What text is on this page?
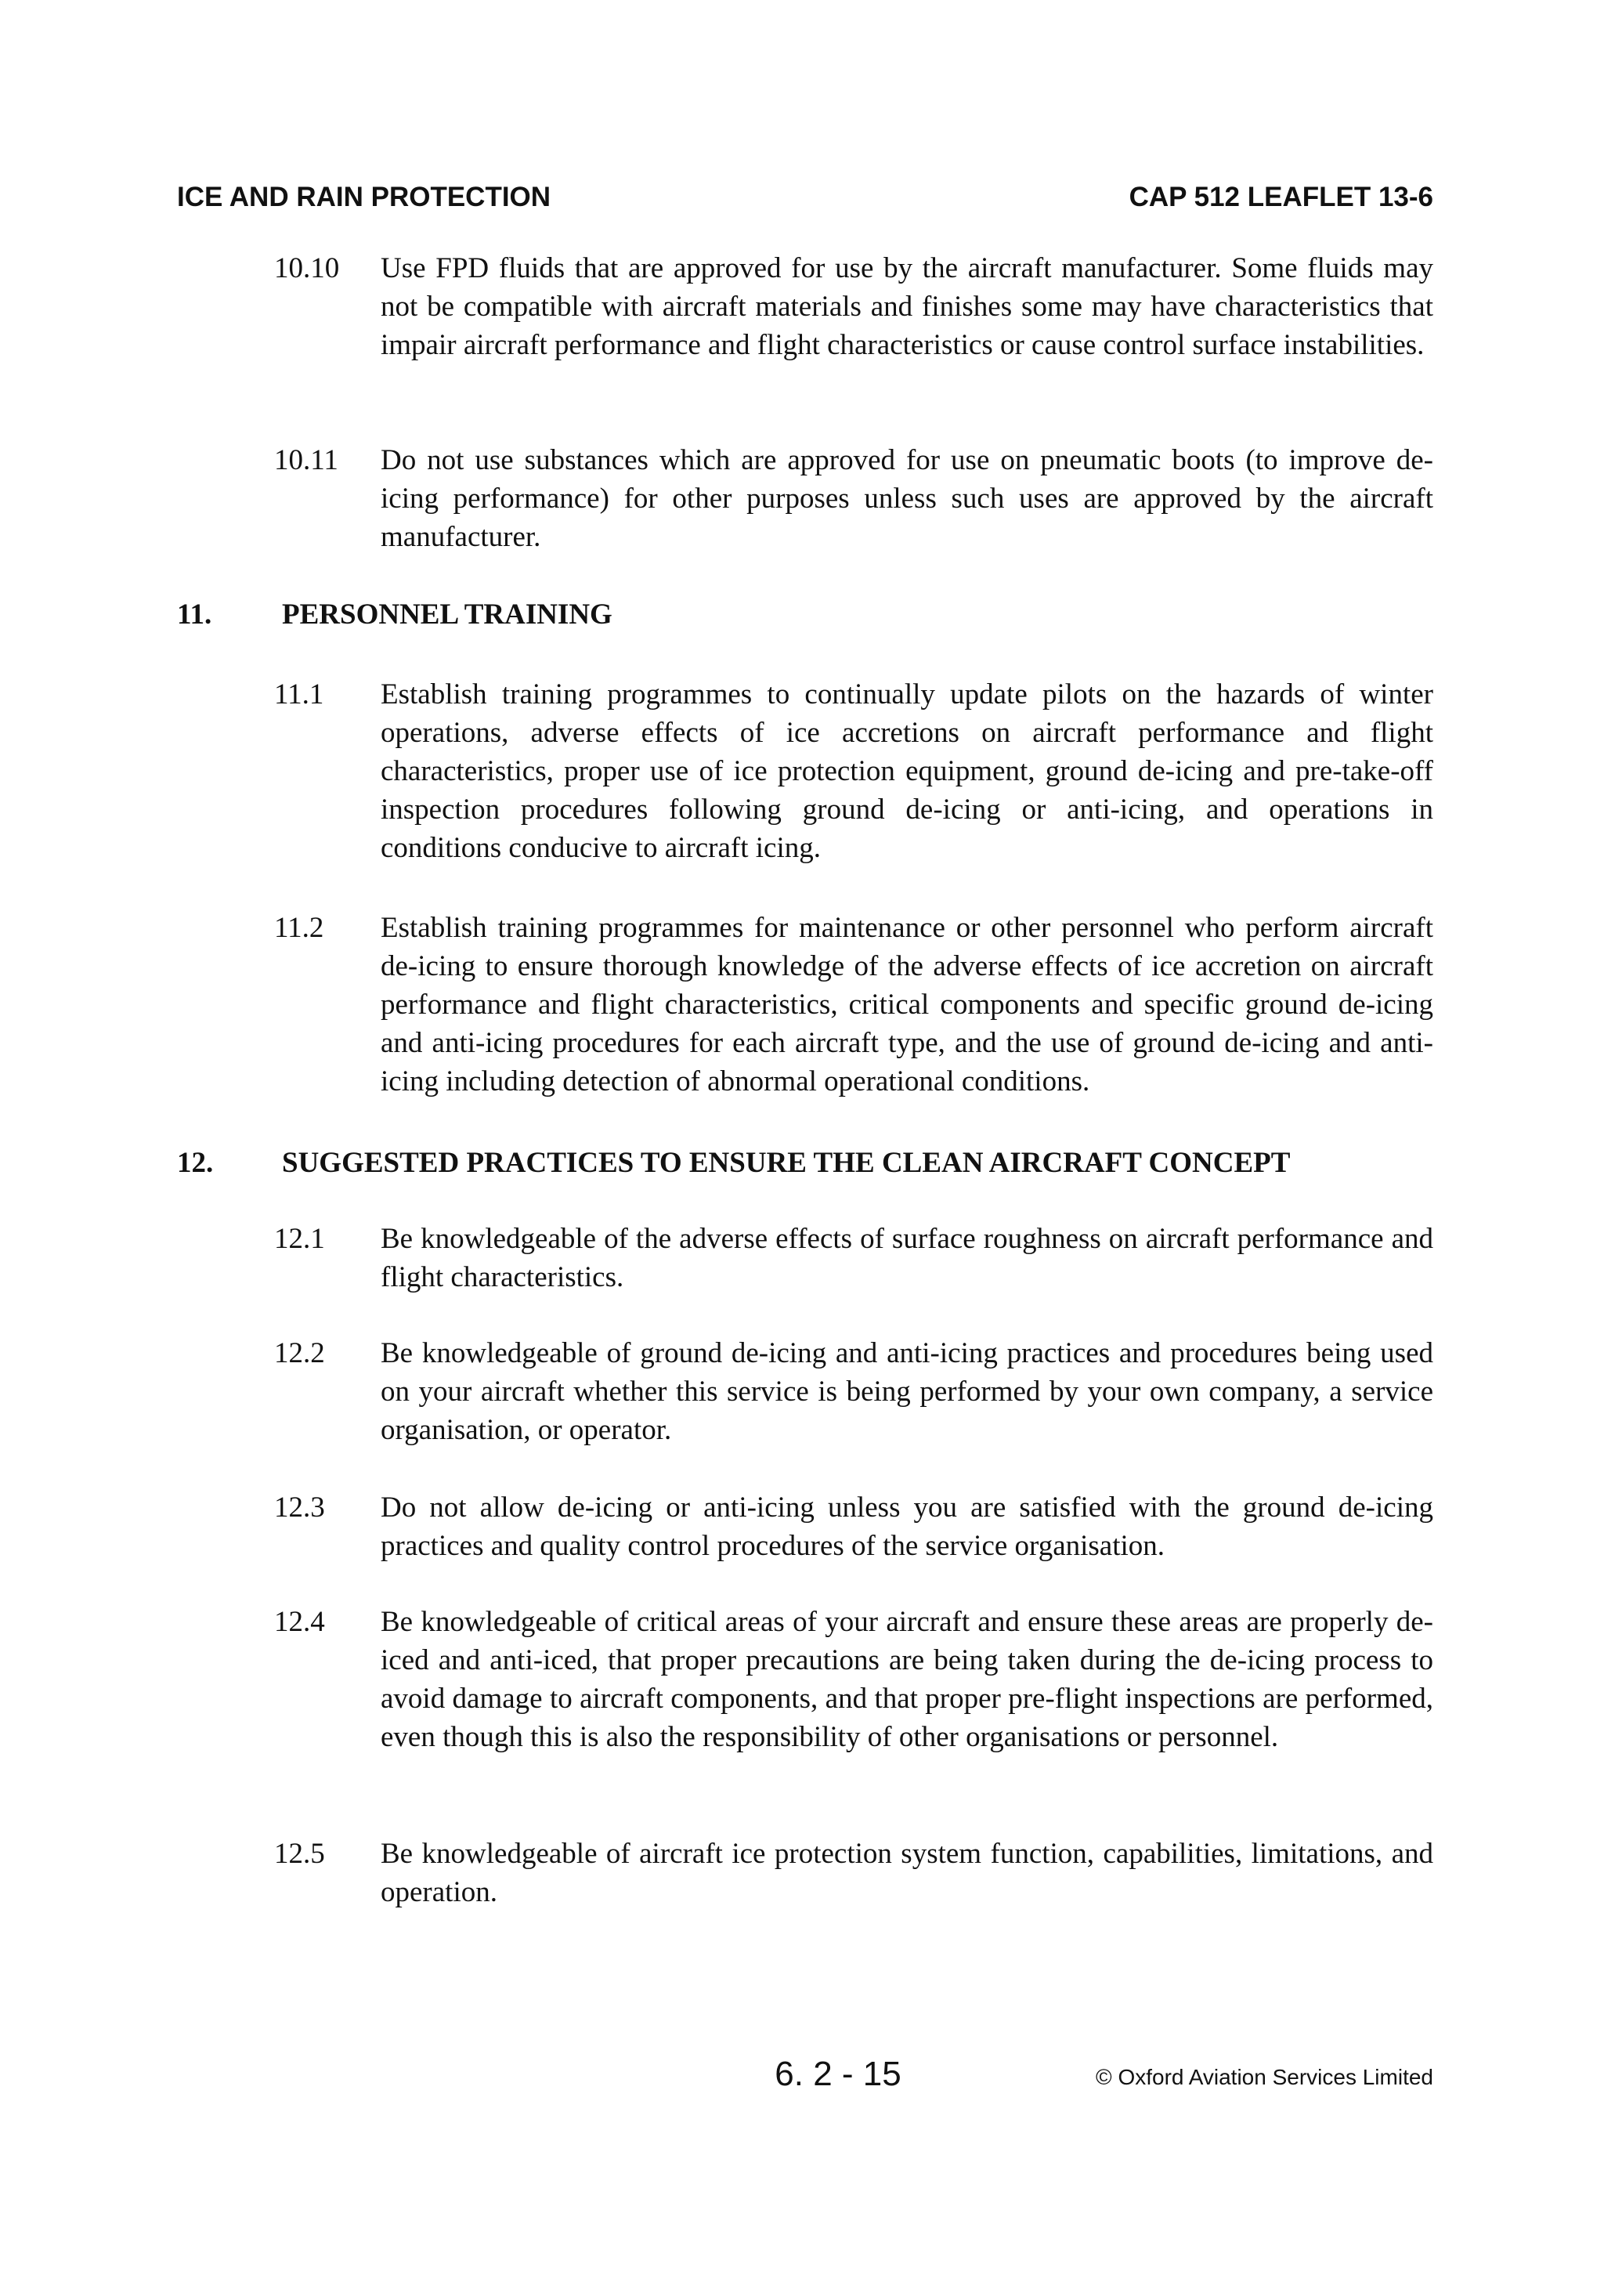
ICE AND RAIN PROTECTION	CAP 512 LEAFLET 13-6
10.10 Use FPD fluids that are approved for use by the aircraft manufacturer. Some fluids may not be compatible with aircraft materials and finishes some may have characteristics that impair aircraft performance and flight characteristics or cause control surface instabilities.
10.11 Do not use substances which are approved for use on pneumatic boots (to improve de-icing performance) for other purposes unless such uses are approved by the aircraft manufacturer.
11. PERSONNEL TRAINING
11.1 Establish training programmes to continually update pilots on the hazards of winter operations, adverse effects of ice accretions on aircraft performance and flight characteristics, proper use of ice protection equipment, ground de-icing and pre-take-off inspection procedures following ground de-icing or anti-icing, and operations in conditions conducive to aircraft icing.
11.2 Establish training programmes for maintenance or other personnel who perform aircraft de-icing to ensure thorough knowledge of the adverse effects of ice accretion on aircraft performance and flight characteristics, critical components and specific ground de-icing and anti-icing procedures for each aircraft type, and the use of ground de-icing and anti-icing including detection of abnormal operational conditions.
12. SUGGESTED PRACTICES TO ENSURE THE CLEAN AIRCRAFT CONCEPT
12.1 Be knowledgeable of the adverse effects of surface roughness on aircraft performance and flight characteristics.
12.2 Be knowledgeable of ground de-icing and anti-icing practices and procedures being used on your aircraft whether this service is being performed by your own company, a service organisation, or operator.
12.3 Do not allow de-icing or anti-icing unless you are satisfied with the ground de-icing practices and quality control procedures of the service organisation.
12.4 Be knowledgeable of critical areas of your aircraft and ensure these areas are properly de-iced and anti-iced, that proper precautions are being taken during the de-icing process to avoid damage to aircraft components, and that proper pre-flight inspections are performed, even though this is also the responsibility of other organisations or personnel.
12.5 Be knowledgeable of aircraft ice protection system function, capabilities, limitations, and operation.
6. 2 - 15	© Oxford Aviation Services Limited
